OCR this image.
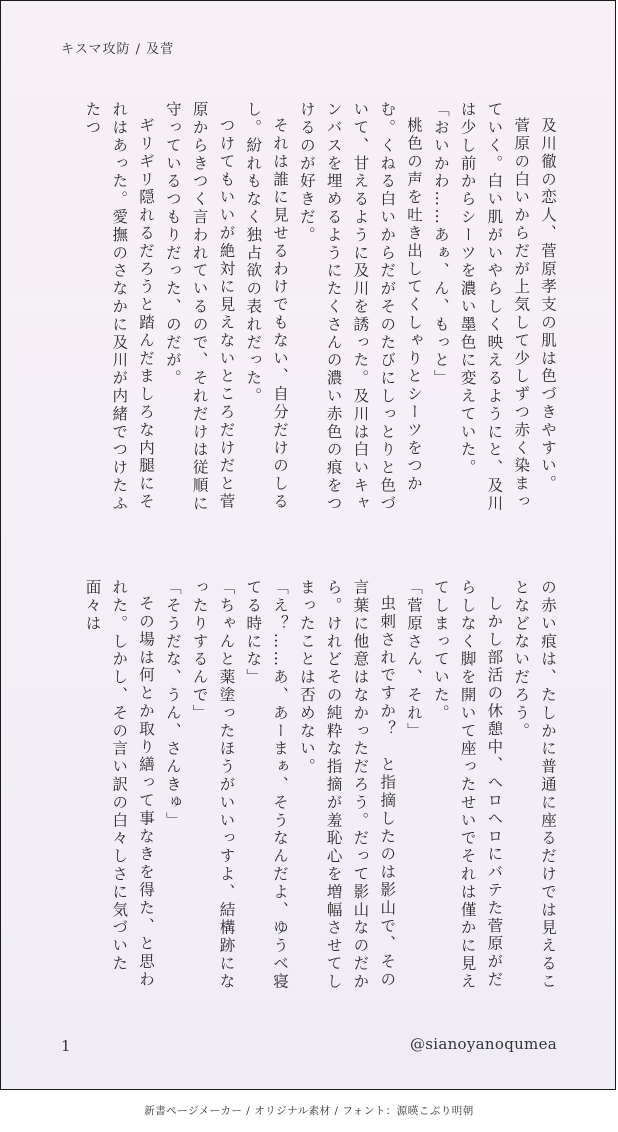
キスマ攻防 / 及菅

及川徹の恋人、菅原孝支の肌は色づきやすい。

菅原の白いからだが上気して少しずつ赤く染まっていく。白い肌がいやらしく映えるようにと、及川は少し前からシーツを濃い墨色に変えていた。

「おいかわ……あぁ、ん、もっと」

桃色の声を吐き出してくしゃりとシーツをつかむ。くねる白いからだがそのたびにしっとりと色づいて、甘えるように及川を誘った。及川は白いキャンバスを埋めるようにたくさんの濃い赤色の痕をつけるのが好きだ。

それは誰に見せるわけでもない、自分だけのしるし。紛れもなく独占欲の表れだった。

つけてもいいが絶対に見えないところだけだと菅原からきつく言われているので、それだけは従順に守っているつもりだった、のだが。

ギリギリ隠れるだろうと踏んだましろな内腿にそれはあった。愛撫のさなかに及川が内緒でつけたふたつ

の赤い痕は、たしかに普通に座るだけでは見えることなどないだろう。

しかし部活の休憩中、ヘロヘロにバテた菅原がだらしなく脚を開いて座ったせいでそれは僅かに見えてしまっていた。

「菅原さん、それ」

虫刺されですか？　と指摘したのは影山で、その言葉に他意はなかっただろう。だって影山なのだから。けれどその純粋な指摘が羞恥心を増幅させてしまったことは否めない。

「え？……あ、あーまぁ、そうなんだよ、ゆうべ寝てる時にな」

「ちゃんと薬塗ったほうがいいっすよ、結構跡になったりするんで」

「そうだな、うん、さんきゅ」

その場は何とか取り繕って事なきを得た、と思われた。しかし、その言い訳の白々しさに気づいた面々は

1	@sianoyanoqumea
新書ページメーカー / オリジナル素材 / フォント：源暎こぶり明朝
